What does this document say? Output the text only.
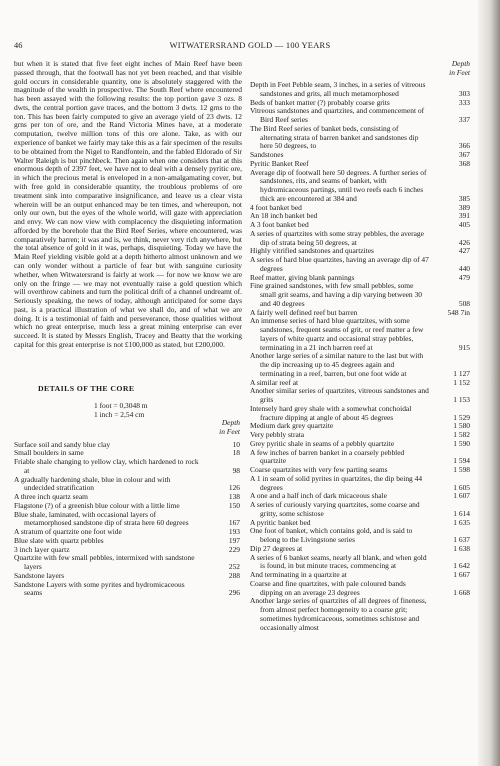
46	WITWATERSRAND GOLD — 100 YEARS

but when it is stated that five feet eight inches of Main Reef have been passed through, that the footwall has not yet been reached, and that visible gold occurs in considerable quantity, one is absolutely staggered with the magnitude of the wealth in prospective. The South Reef where encountered has been assayed with the following results: the top portion gave 3 ozs. 8 dwts, the central portion gave traces, and the bottom 3 dwts. 12 grns to the ton. This has been fairly computed to give an average yield of 23 dwts. 12 grns per ton of ore, and the Rand Victoria Mines have, at a moderate computation, twelve million tons of this ore alone. Take, as with our experience of banket we fairly may take this as a fair specimen of the results to be obtained from the Nigel to Randfontein, and the fabled Eldorado of Sir Walter Raleigh is but pinchbeck. Then again when one considers that at this enormous depth of 2397 feet, we have not to deal with a densely pyritic ore, in which the precious metal is enveloped in a non-amalgamating cover, but with free gold in considerable quantity, the troublous problems of ore treatment sink into comparative insignificance, and leave us a clear vista wherein will be an output enhanced may be ten times, and whereupon, not only our own, but the eyes of the whole world, will gaze with appreciation and envy. We can now view with complacency the disquieting information afforded by the borehole that the Bird Reef Series, where encountered, was comparatively barren; it was and is, we think, never very rich anywhere, but the total absence of gold in it was, perhaps, disquieting. Today we have the Main Reef yielding visible gold at a depth hitherto almost unknown and we can only wonder without a particle of fear but with sanguine curiosity whether, when Witwatersrand is fairly at work — for now we know we are only on the fringe — we may not eventually raise a gold question which will overthrow cabinets and turn the political drift of a channel undreamt of. Seriously speaking, the news of today, although anticipated for some days past, is a practical illustration of what we shall do, and of what we are doing. It is a testimonial of faith and perseverance, those qualities without which no great enterprise, much less a great mining enterprise can ever succeed. It is stated by Messrs English, Tracey and Beatty that the working capital for this great enterprise is not £100,000 as stated, but £200,000.

DETAILS OF THE CORE
1 foot = 0,3048 m
1 inch = 2,54 cm
Depth
in Feet
Surface soil and sandy blue clay	10
Small boulders in same	18
Friable shale changing to yellow clay, which hardened to rock at	98
A gradually hardening shale, blue in colour and with undecided stratification	126
A three inch quartz seam	138
Flagstone (?) of a greenish blue colour with a little lime	150
Blue shale, laminated, with occasional layers of metamorphosed sandstone dip of strata here 60 degrees	167
A stratum of quartzite one foot wide	193
Blue slate with quartz pebbles	197
3 inch layer quartz	229
Quartzite with few small pebbles, intermixed with sandstone layers	252
Sandstone layers	288
Sandstone Layers with some pyrites and hydromicaceous seams	296
Depth
in Feet
Depth in Feet Pebble seam, 3 inches, in a series of vitreous sandstones and grits, all much metamorphosed	303
Beds of banket matter (?) probably coarse grits	333
Vitreous sandstones and quartzites, and commencement of Bird Reef series	337
The Bird Reef series of banket beds, consisting of alternating strata of barren banket and sandstones dip here 50 degrees, to	366
Sandstones	367
Pyritic Banket Reef	368
Average dip of footwall here 50 degrees. A further series of sandstones, rits, and seams of banket, with hydromicaceous partings, until two reefs each 6 inches thick are encountered at 384 and	385
4 foot banket bed	389
An 18 inch banket bed	391
A 3 foot banket bed	405
A series of quartzites with some stray pebbles, the average dip of strata being 50 degrees, at	426
Highly vitrified sandstones and quartzites	427
A series of hard blue quartzites, having an average dip of 47 degrees	440
Reef matter, giving blank pannings	479
Fine grained sandstones, with few small pebbles, some small grit seams, and having a dip varying between 30 and 40 degrees	508
A fairly well defined reef but barren	548 7in
An immense series of hard blue quartzites, with some sandstones, frequent seams of grit, or reef matter a few layers of white quartz and occasional stray pebbles, terminating in a 21 inch barren reef at	915
Another large series of a similar nature to the last but with the dip increasing up to 45 degrees again and terminating in a reef, barren, but one foot wide at	1 127
A similar reef at	1 152
Another similar series of quartzites, vitreous sandstones and grits	1 153
Intensely hard grey shale with a somewhat conchoidal fracture dipping at angle of about 45 degrees	1 529
Medium dark grey quartzite	1 580
Very pebbly strata	1 582
Grey pyritic shale in seams of a pebbly quartzite	1 590
A few inches of barren banket in a coarsely pebbled quartzite	1 594
Coarse quartzites with very few parting seams	1 598
A 1 in seam of solid pyrites in quartzites, the dip being 44 degrees	1 605
A one and a half inch of dark micaceous shale	1 607
A series of curiously varying quartzites, some coarse and gritty, some schistose	1 614
A pyritic banket bed	1 635
One foot of banket, which contains gold, and is said to belong to the Livingstone series	1 637
Dip 27 degrees at	1 638
A series of 6 banket seams, nearly all blank, and when gold is found, in but minute traces, commencing at	1 642
And terminating in a quartzite at	1 667
Coarse and fine quartzites, with pale coloured bands dipping on an average 23 degrees	1 668
Another large series of quartzites of all degrees of fineness, from almost perfect homogeneity to a coarse grit; sometimes hydromicaceous, sometimes schistose and occasionally almost
